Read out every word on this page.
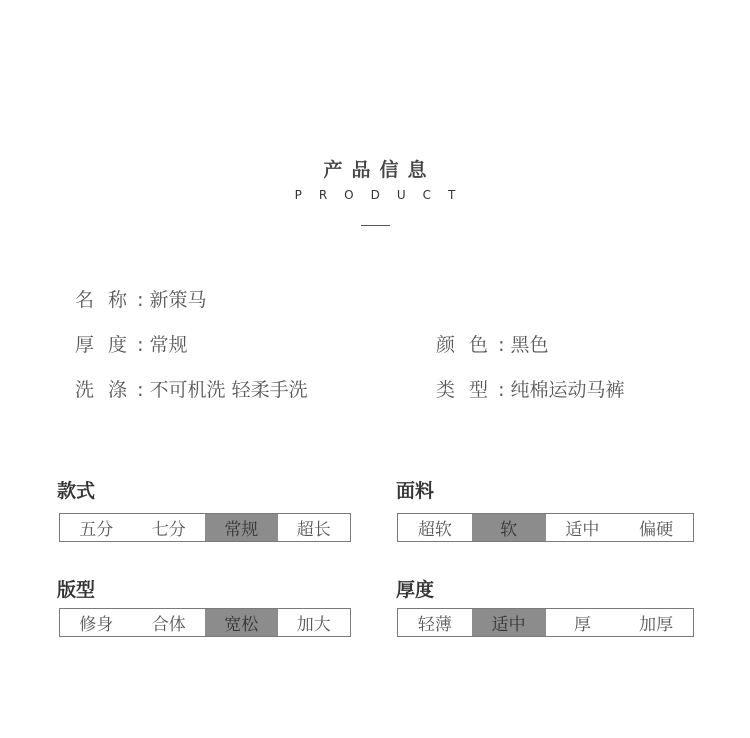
产品信息
PRODUCT
名 称 : 新策马
厚 度 : 常规	颜 色 : 黑色
洗 涤 : 不可机洗 轻柔手洗	类 型 : 纯棉运动马裤
款式
五分	七分	常规	超长
面料
超软	软	适中	偏硬
版型
修身	合体	宽松	加大
厚度
轻薄	适中	厚	加厚
